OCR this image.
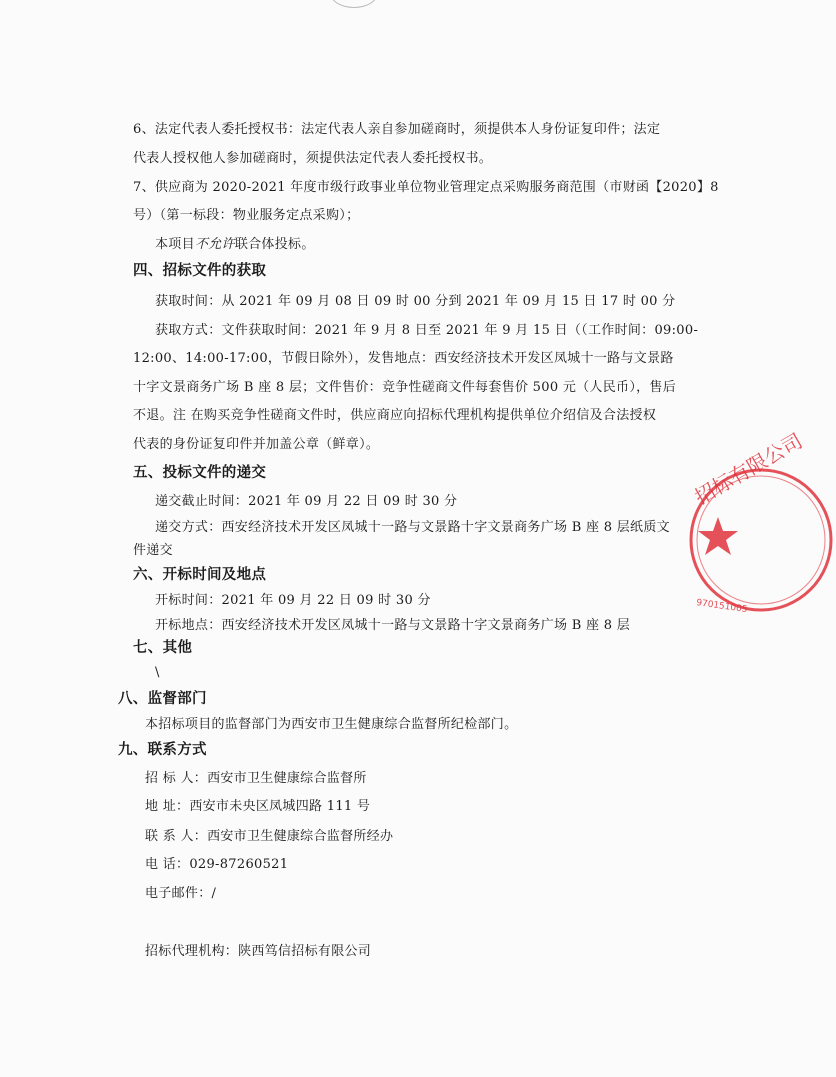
6、法定代表人委托授权书：法定代表人亲自参加磋商时，须提供本人身份证复印件；法定
代表人授权他人参加磋商时，须提供法定代表人委托授权书。
7、供应商为 2020-2021 年度市级行政事业单位物业管理定点采购服务商范围（市财函【2020】8
号）（第一标段：物业服务定点采购）；
本项目不允许联合体投标。
四、招标文件的获取
获取时间：从 2021 年 09 月 08 日 09 时 00 分到 2021 年 09 月 15 日 17 时 00 分
获取方式：文件获取时间：2021 年 9 月 8 日至 2021 年 9 月 15 日（（工作时间：09:00-
12:00、14:00-17:00，节假日除外），发售地点：西安经济技术开发区凤城十一路与文景路
十字文景商务广场 B 座 8 层；文件售价：竞争性磋商文件每套售价 500 元（人民币），售后
不退。注 在购买竞争性磋商文件时，供应商应向招标代理机构提供单位介绍信及合法授权
代表的身份证复印件并加盖公章（鲜章）。
五、投标文件的递交
递交截止时间：2021 年 09 月 22 日 09 时 30 分
递交方式：西安经济技术开发区凤城十一路与文景路十字文景商务广场 B 座 8 层纸质文
件递交
六、开标时间及地点
开标时间：2021 年 09 月 22 日 09 时 30 分
开标地点：西安经济技术开发区凤城十一路与文景路十字文景商务广场 B 座 8 层
七、其他
\
八、监督部门
本招标项目的监督部门为西安市卫生健康综合监督所纪检部门。
九、联系方式
招 标 人：西安市卫生健康综合监督所
地 址：西安市未央区凤城四路 111 号
联 系 人：西安市卫生健康综合监督所经办
电 话：029-87260521
电子邮件：/
招标代理机构：陕西笃信招标有限公司
招标有限公司
970151005
